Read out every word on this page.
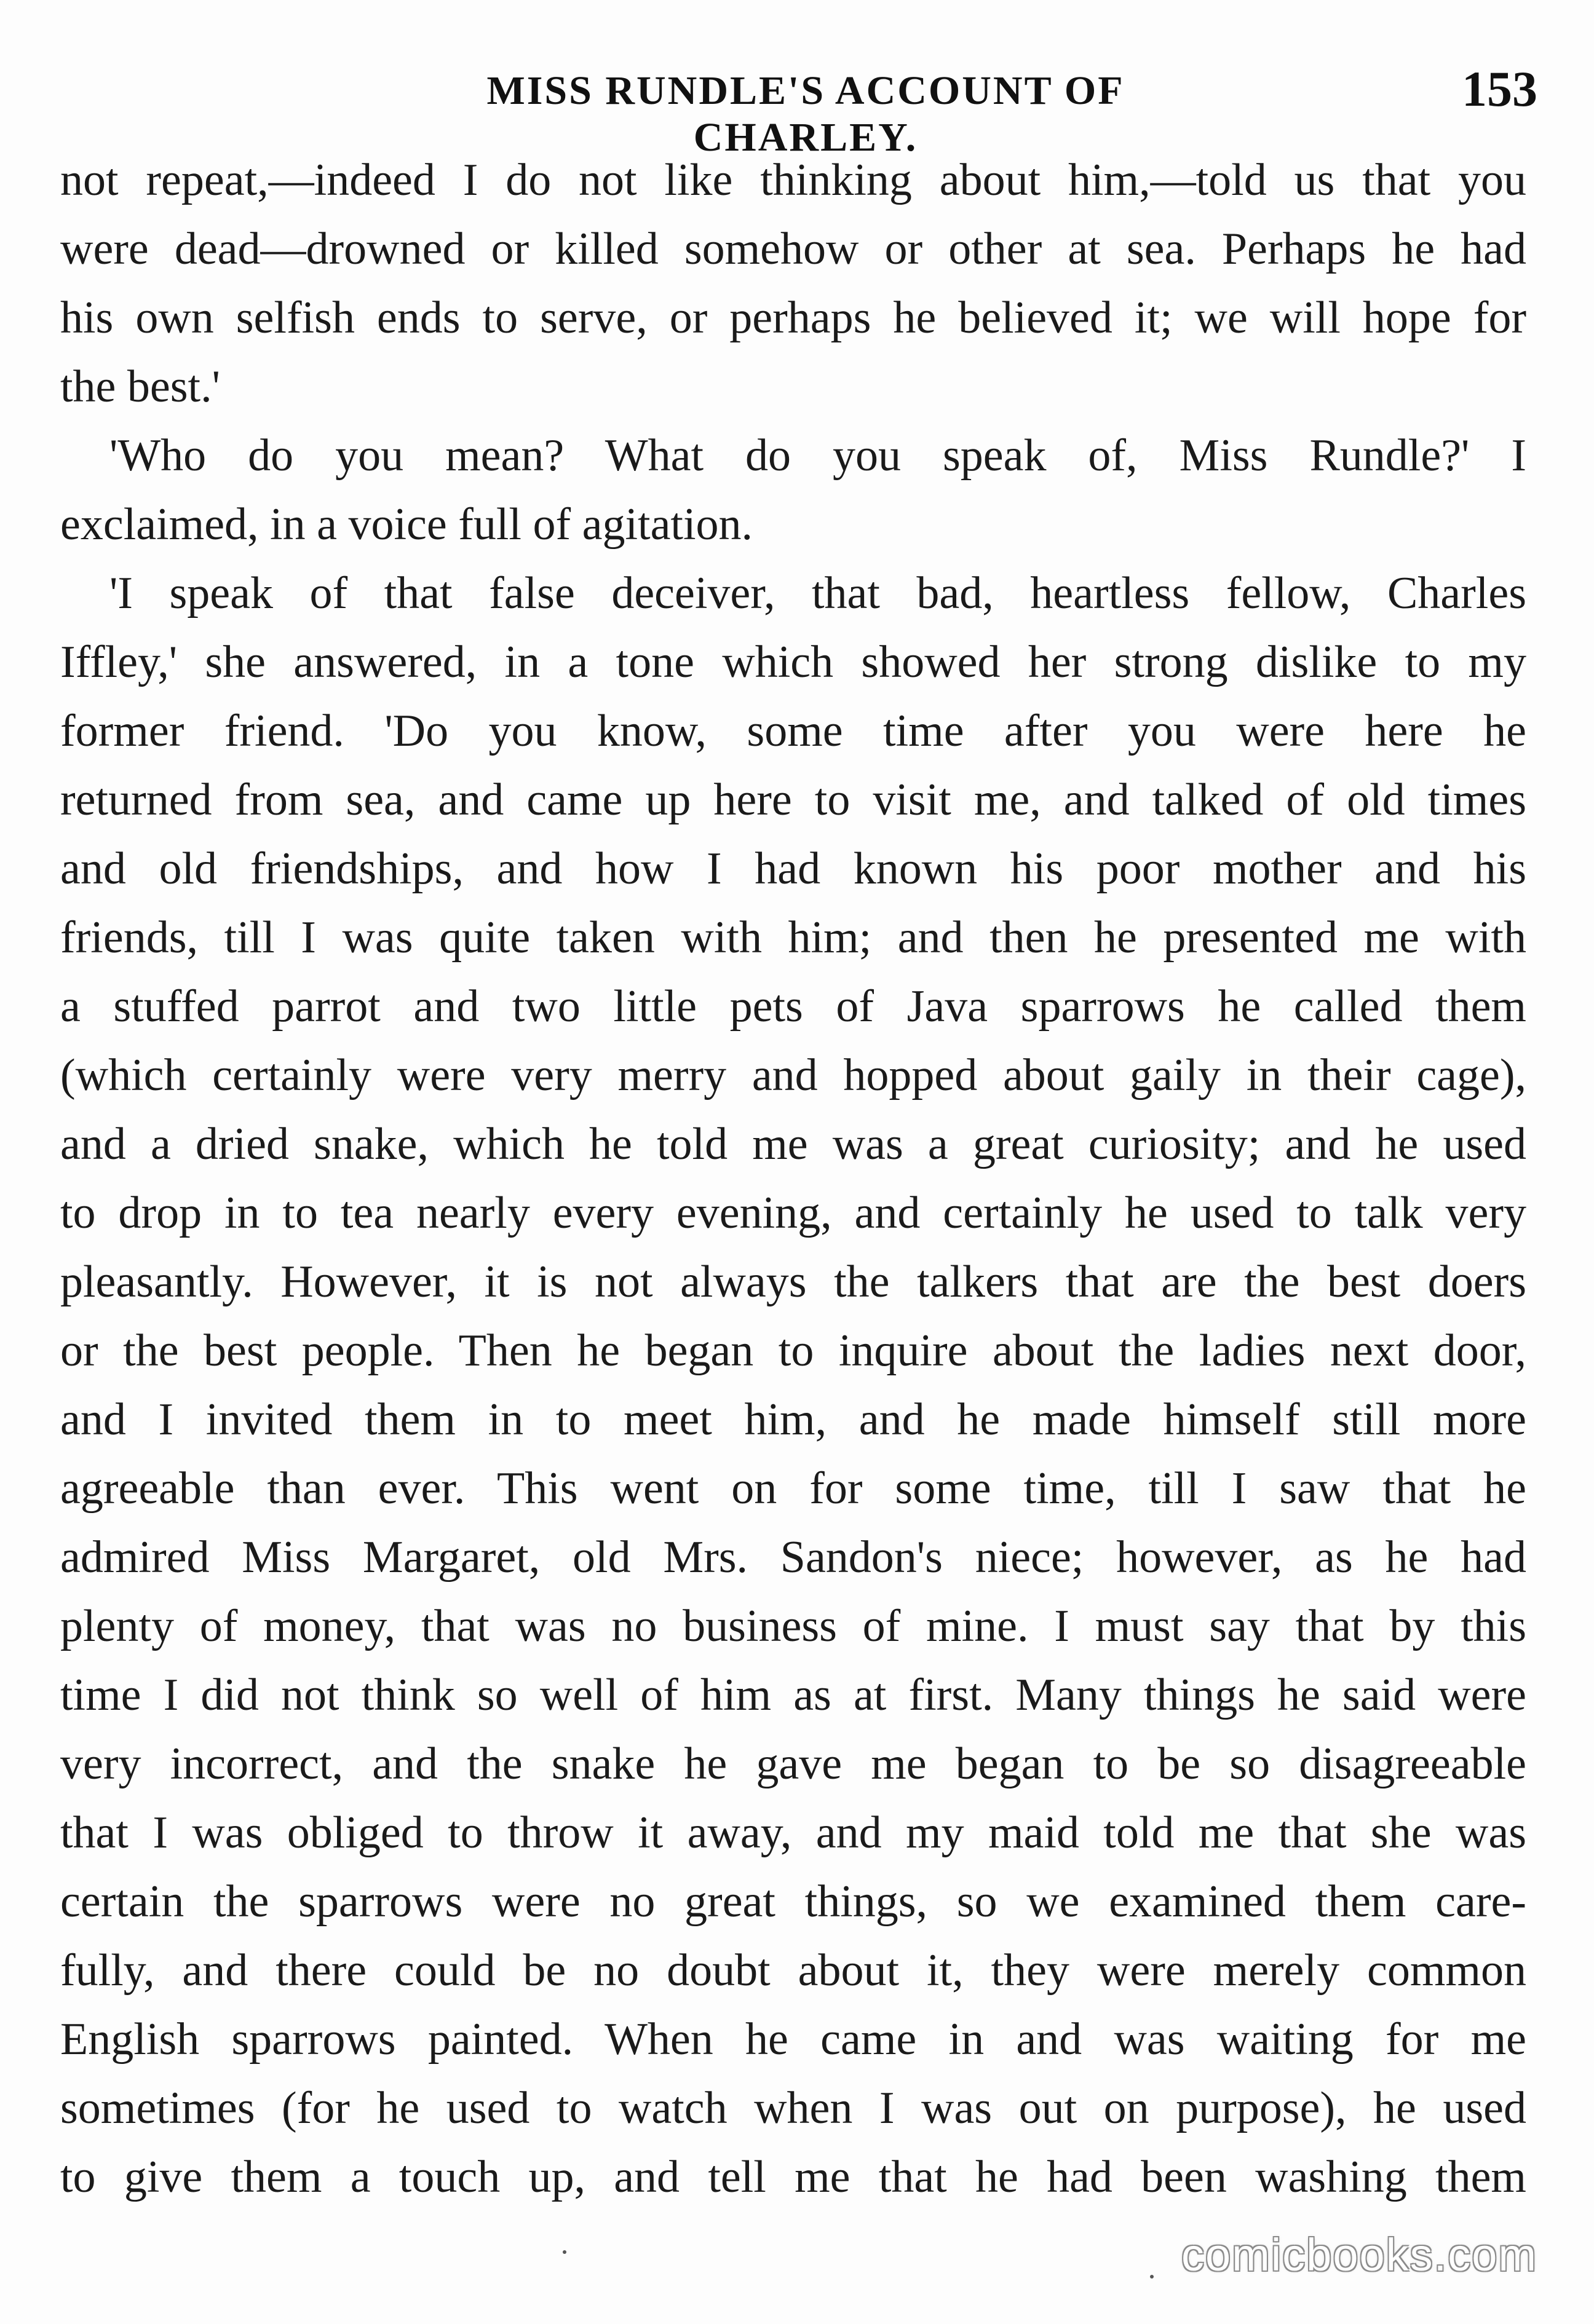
MISS RUNDLE'S ACCOUNT OF CHARLEY.
153
not repeat,—indeed I do not like thinking about him,—told us that you
were dead—drowned or killed somehow or other at sea. Perhaps he had
his own selfish ends to serve, or perhaps he believed it; we will hope for
the best.'
'Who do you mean? What do you speak of, Miss Rundle?' I
exclaimed, in a voice full of agitation.
'I speak of that false deceiver, that bad, heartless fellow, Charles
Iffley,' she answered, in a tone which showed her strong dislike to my
former friend. 'Do you know, some time after you were here he
returned from sea, and came up here to visit me, and talked of old times
and old friendships, and how I had known his poor mother and his
friends, till I was quite taken with him; and then he presented me with
a stuffed parrot and two little pets of Java sparrows he called them
(which certainly were very merry and hopped about gaily in their cage),
and a dried snake, which he told me was a great curiosity; and he used
to drop in to tea nearly every evening, and certainly he used to talk very
pleasantly. However, it is not always the talkers that are the best doers
or the best people. Then he began to inquire about the ladies next door,
and I invited them in to meet him, and he made himself still more
agreeable than ever. This went on for some time, till I saw that he
admired Miss Margaret, old Mrs. Sandon's niece; however, as he had
plenty of money, that was no business of mine. I must say that by this
time I did not think so well of him as at first. Many things he said were
very incorrect, and the snake he gave me began to be so disagreeable
that I was obliged to throw it away, and my maid told me that she was
certain the sparrows were no great things, so we examined them care-
fully, and there could be no doubt about it, they were merely common
English sparrows painted. When he came in and was waiting for me
sometimes (for he used to watch when I was out on purpose), he used
to give them a touch up, and tell me that he had been washing them
comicbooks.com
